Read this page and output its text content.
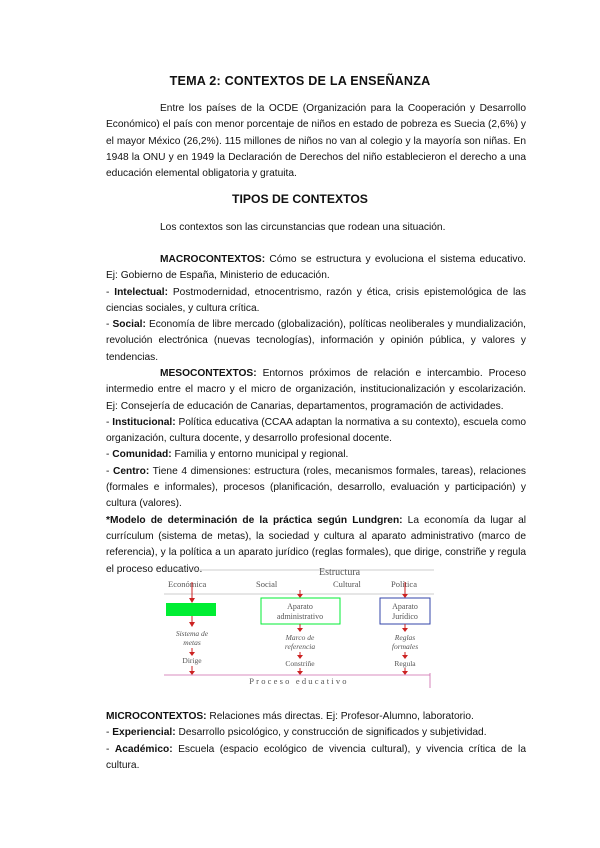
TEMA 2: CONTEXTOS DE LA ENSEÑANZA

Entre los países de la OCDE (Organización para la Cooperación y Desarrollo Económico) el país con menor porcentaje de niños en estado de pobreza es Suecia (2,6%) y el mayor México (26,2%). 115 millones de niños no van al colegio y la mayoría son niñas. En 1948 la ONU y en 1949 la Declaración de Derechos del niño establecieron el derecho a una educación elemental obligatoria y gratuita.

TIPOS DE CONTEXTOS

Los contextos son las circunstancias que rodean una situación.

MACROCONTEXTOS: Cómo se estructura y evoluciona el sistema educativo. Ej: Gobierno de España, Ministerio de educación.

- Intelectual: Postmodernidad, etnocentrismo, razón y ética, crisis epistemológica de las ciencias sociales, y cultura crítica.

- Social: Economía de libre mercado (globalización), políticas neoliberales y mundialización, revolución electrónica (nuevas tecnologías), información y opinión pública, y valores y tendencias.

MESOCONTEXTOS: Entornos próximos de relación e intercambio. Proceso intermedio entre el macro y el micro de organización, institucionalización y escolarización. Ej: Consejería de educación de Canarias, departamentos, programación de actividades.

- Institucional: Política educativa (CCAA adaptan la normativa a su contexto), escuela como organización, cultura docente, y desarrollo profesional docente.

- Comunidad: Familia y entorno municipal y regional.

- Centro: Tiene 4 dimensiones: estructura (roles, mecanismos formales, tareas), relaciones (formales e informales), procesos (planificación, desarrollo, evaluación y participación) y cultura (valores).

*Modelo de determinación de la práctica según Lundgren: La economía da lugar al currículum (sistema de metas), la sociedad y cultura al aparato administrativo (marco de referencia), y la política a un aparato jurídico (reglas formales), que dirige, constriñe y regula el proceso educativo.	Estructura
Económica	Social	Cultural	Política
Aparato
administrativo
Aparato
Jurídico
Sistema de
metas
Marco de
referencia
Reglas
formales
Dirige	Constriñe	Regula
Proceso educativo

MICROCONTEXTOS: Relaciones más directas. Ej: Profesor-Alumno, laboratorio.

- Experiencial: Desarrollo psicológico, y construcción de significados y subjetividad.

- Académico: Escuela (espacio ecológico de vivencia cultural), y vivencia crítica de la cultura.
